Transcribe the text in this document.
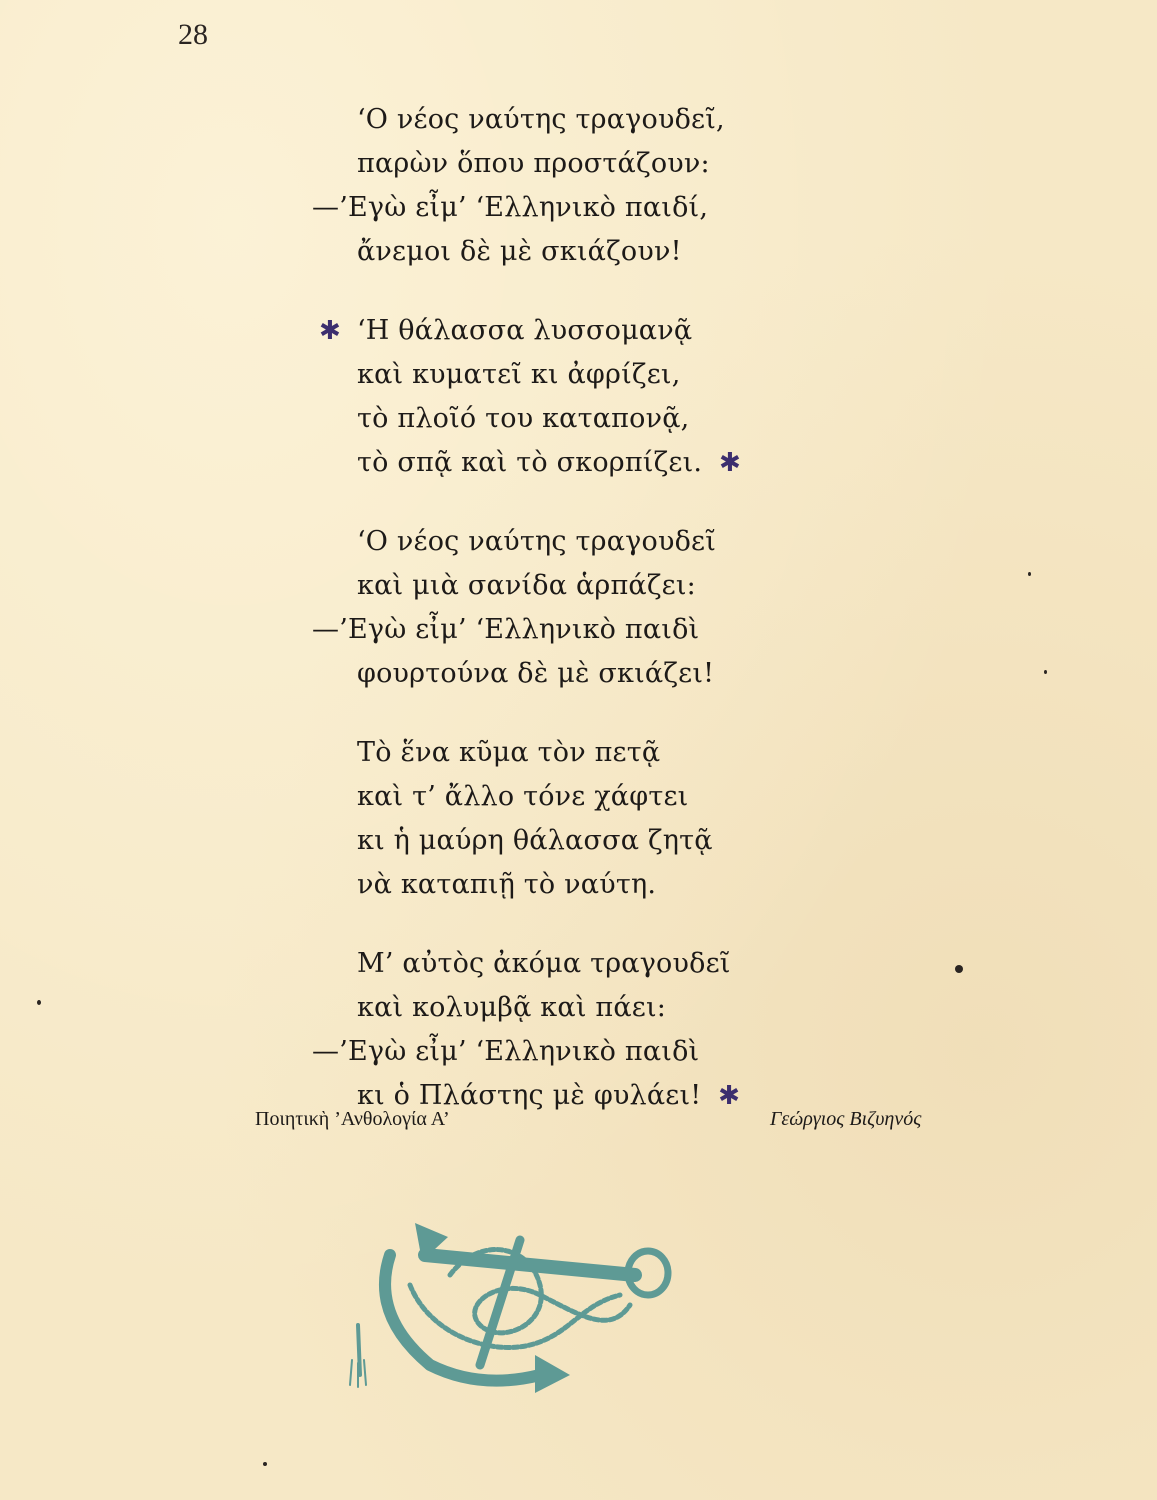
28
‘Ο νέος ναύτης τραγουδεῖ,
παρὼν ὅπου προστάζουν:
—’Εγὼ εἶμ’ ‘Ελληνικὸ παιδί,
ἄνεμοι δὲ μὲ σκιάζουν!
✱ ‘Η θάλασσα λυσσομανᾷ
καὶ κυματεῖ κι ἀφρίζει,
τὸ πλοῖό του καταπονᾷ,
τὸ σπᾷ καὶ τὸ σκορπίζει. ✱
‘Ο νέος ναύτης τραγουδεῖ
καὶ μιὰ σανίδα ἁρπάζει:
—’Εγὼ εἶμ’ ‘Ελληνικὸ παιδὶ
φουρτούνα δὲ μὲ σκιάζει!
Τὸ ἕνα κῦμα τὸν πετᾷ
καὶ τ’ ἄλλο τόνε χάφτει
κι ἡ μαύρη θάλασσα ζητᾷ
νὰ καταπιῇ τὸ ναύτη.
Μ’ αὐτὸς ἀκόμα τραγουδεῖ
καὶ κολυμβᾷ καὶ πάει:
—’Εγὼ εἶμ’ ‘Ελληνικὸ παιδὶ
κι ὁ Πλάστης μὲ φυλάει! ✱
Ποιητικὴ ’Ανθολογία Α’	Γεώργιος Βιζυηνός
